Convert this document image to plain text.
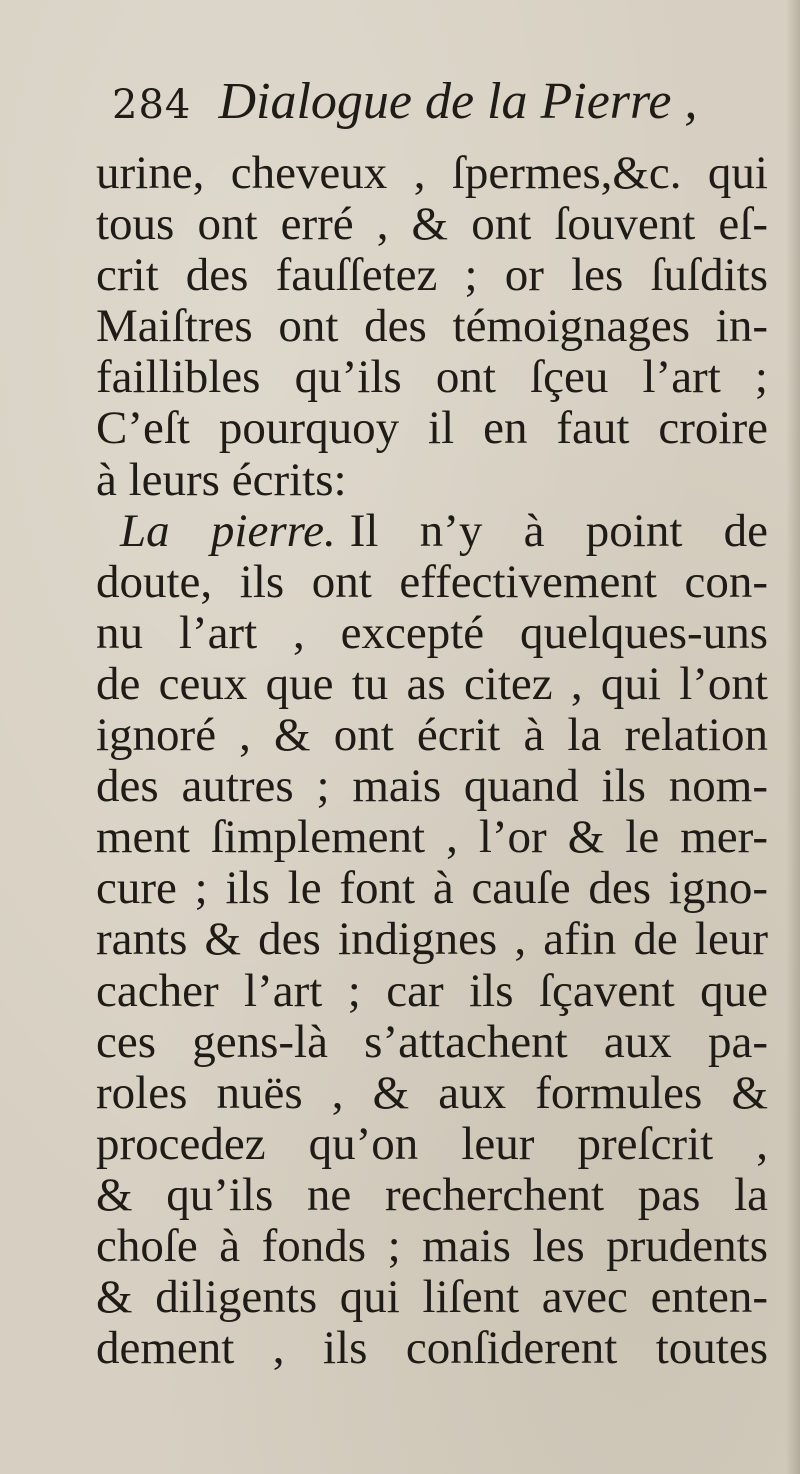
284 Dialogue de la Pierre ,
urine, cheveux , ſpermes,&c. qui
tous ont erré , & ont ſouvent eſ-
crit des fauſſetez ; or les ſuſdits
Maiſtres ont des témoignages in-
faillibles qu’ils ont ſçeu l’art ;
C’eſt pourquoy il en faut croire
à leurs écrits:
La pierre. Il n’y à point de
doute, ils ont effectivement con-
nu l’art , excepté quelques-uns
de ceux que tu as citez , qui l’ont
ignoré , & ont écrit à la relation
des autres ; mais quand ils nom-
ment ſimplement , l’or & le mer-
cure ; ils le font à cauſe des igno-
rants & des indignes , afin de leur
cacher l’art ; car ils ſçavent que
ces gens-là s’attachent aux pa-
roles nuës , & aux formules &
procedez qu’on leur preſcrit ,
& qu’ils ne recherchent pas la
choſe à fonds ; mais les prudents
& diligents qui liſent avec enten-
dement , ils conſiderent toutes
